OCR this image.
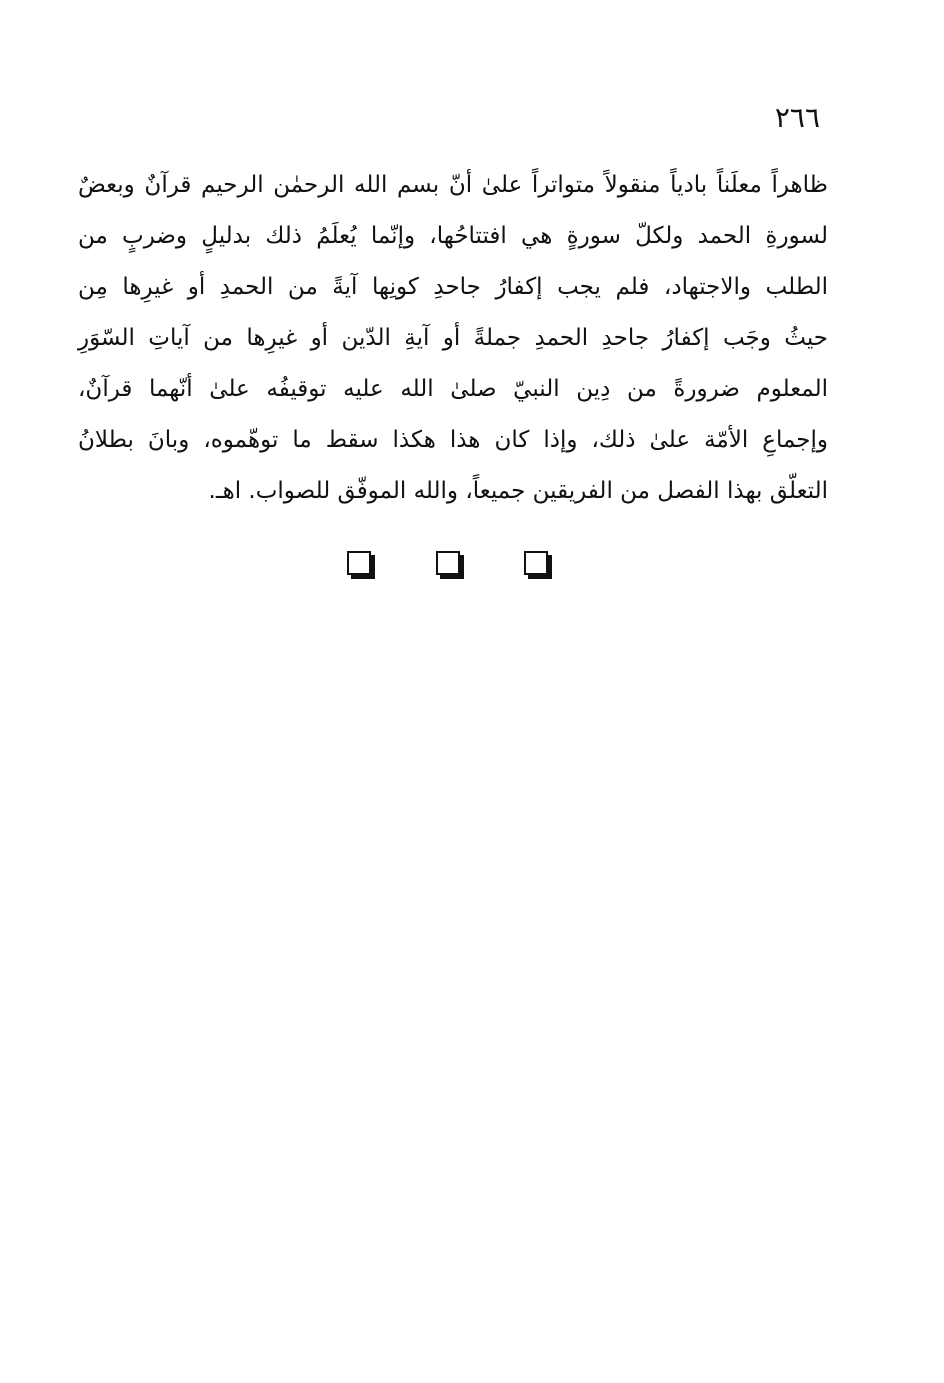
٢٦٦
ظاهراً معلَناً بادياً منقولاً متواتراً علىٰ أنّ بسم الله الرحمٰن الرحيم قرآنٌ وبعضٌ
لسورةِ الحمد ولكلّ سورةٍ هي افتتاحُها، وإنّما يُعلَمُ ذلك بدليلٍ وضربٍ من
الطلب والاجتهاد، فلم يجب إكفارُ جاحدِ كونِها آيةً من الحمدِ أو غيرِها مِن
حيثُ وجَب إكفارُ جاحدِ الحمدِ جملةً أو آيةِ الدّين أو غيرِها من آياتِ السّوَرِ
المعلوم ضرورةً من دِين النبيّ صلىٰ الله عليه توقيفُه علىٰ أنّهما قرآنٌ،
وإجماعِ الأمّة علىٰ ذلك، وإذا كان هذا هكذا سقط ما توهّموه، وبانَ بطلانُ
التعلّق بهذا الفصل من الفريقين جميعاً، والله الموفّق للصواب. اهـ.
